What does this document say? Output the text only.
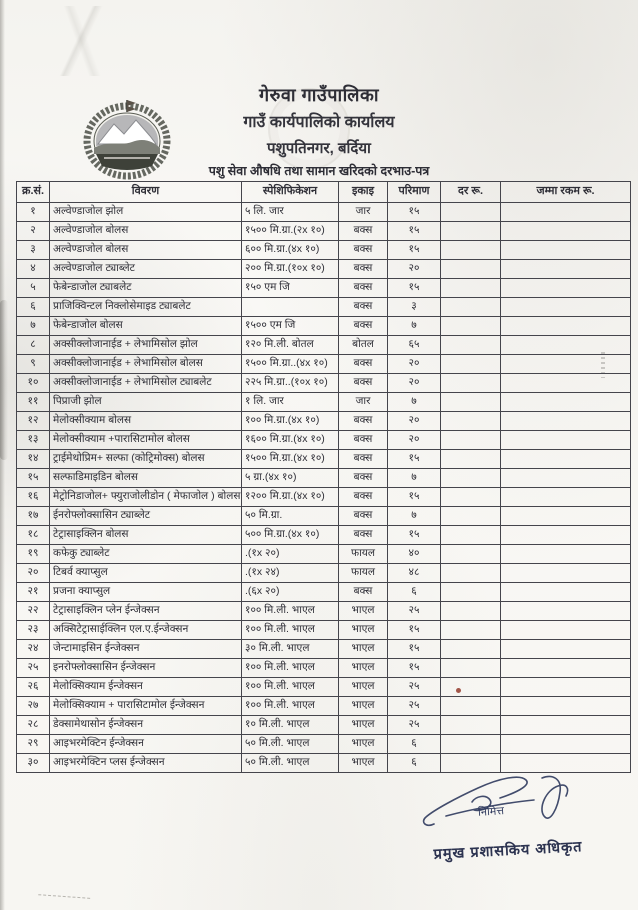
गेरुवा गाउँपालिका
गाउँ कार्यपालिको कार्यालय
पशुपतिनगर, बर्दिया
पशु सेवा औषधि तथा सामान खरिदको दरभाउ-पत्र
क्र.सं.	विवरण	स्पेशिफिकेशन	इकाइ	परिमाण	दर रू.	जम्मा रकम रू.
१	अल्वेण्डाजोल झोल	५ लि. जार	जार	१५		
२	अल्वेण्डाजोल बोलस	१५०० मि.ग्रा.(२x १०)	बक्स	१५		
३	अल्वेण्डाजोल बोलस	६०० मि.ग्रा.(४x १०)	बक्स	१५		
४	अल्वेण्डाजोल ट्याब्लेट	२०० मि.ग्रा.(१०x १०)	बक्स	२०		
५	फेबेन्डाजोल ट्याबलेट	१५० एम जि	बक्स	१५		
६	प्राजिक्विन्टल निक्लोसेमाइड ट्याबलेट		बक्स	३		
७	फेबेन्डाजोल बोलस	१५०० एम जि	बक्स	७		
८	अक्सीक्लोजानाईड + लेभामिसोल झोल	१२० मि.ली. बोतल	बोतल	६५		
९	अक्सीक्लोजानाईड + लेभामिसोल बोलस	१५०० मि.ग्रा..(४x १०)	बक्स	२०		
१०	अक्सीक्लोजानाईड + लेभामिसोल ट्याबलेट	२२५ मि.ग्रा..(१०x १०)	बक्स	२०		
११	पिप्राजी झोल	१ लि. जार	जार	७		
१२	मेलोक्सीक्याम बोलस	१०० मि.ग्रा.(४x १०)	बक्स	२०		
१३	मेलोक्सीक्याम +पारासिटामोल बोलस	१६०० मि.ग्रा.(४x १०)	बक्स	२०		
१४	ट्राईमेथोप्रिम+ सल्फा (कोट्रिमोक्स) बोलस	१५०० मि.ग्रा.(४x १०)	बक्स	१५		
१५	सल्फाडिमाइडिन बोलस	५ ग्रा.(४x १०)	बक्स	७		
१६	मेट्रोनिडाजोल+ फ्युराजोलीडोन ( मेफाजोल ) बोलस	१२०० मि.ग्रा.(४x १०)	बक्स	१५		
१७	ईनरोफ्लोक्सासिन ट्याब्लेट	५० मि.ग्रा.	बक्स	७		
१८	टेट्रासाइक्लिन बोलस	५०० मि.ग्रा.(४x १०)	बक्स	१५		
१९	कफेकु ट्याब्लेट	.(१x २०)	फायल	४०		
२०	टिबर्व क्याप्सुल	.(१x २४)	फायल	४८		
२१	प्रजना क्याप्सुल	.(६x २०)	बक्स	६		
२२	टेट्रासाइक्लिन प्लेन ईन्जेक्सन	१०० मि.ली. भाएल	भाएल	२५		
२३	अक्सिटेट्रासाईक्लिन एल.ए.ईन्जेक्सन	१०० मि.ली. भाएल	भाएल	१५		
२४	जेन्टामाइसिन ईन्जेक्सन	३० मि.ली. भाएल	भाएल	१५		
२५	इनरोफ्लोक्सासिन ईन्जेक्सन	१०० मि.ली. भाएल	भाएल	१५		
२६	मेलोक्सिक्याम ईन्जेक्सन	१०० मि.ली. भाएल	भाएल	२५		
२७	मेलोक्सिक्याम + पारासिटामोल ईन्जेक्सन	१०० मि.ली. भाएल	भाएल	२५		
२८	डेक्सामेथासोन ईन्जेक्सन	१० मि.ली. भाएल	भाएल	२५		
२९	आइभरमेक्टिन ईन्जेक्सन	५० मि.ली. भाएल	भाएल	६		
३०	आइभरमेक्टिन प्लस ईन्जेक्सन	५० मि.ली. भाएल	भाएल	६		
निमित्त
प्रमुख प्रशासकिय अधिकृत
